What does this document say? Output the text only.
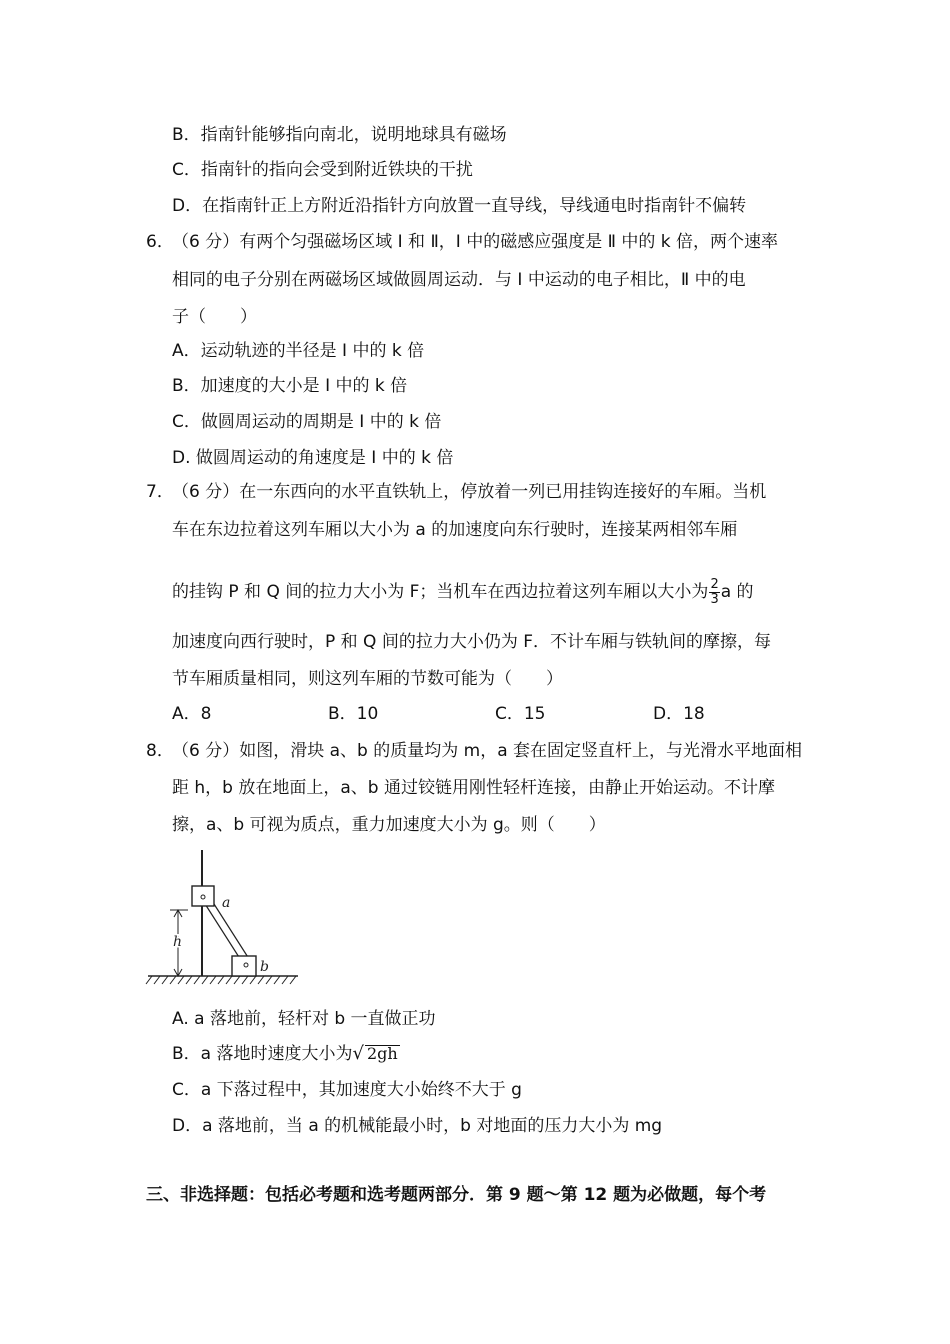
B．指南针能够指向南北，说明地球具有磁场
C．指南针的指向会受到附近铁块的干扰
D．在指南针正上方附近沿指针方向放置一直导线，导线通电时指南针不偏转
6．
（6 分）有两个匀强磁场区域 Ⅰ 和 Ⅱ，Ⅰ 中的磁感应强度是 Ⅱ 中的 k 倍，两个速率
相同的电子分别在两磁场区域做圆周运动．与 Ⅰ 中运动的电子相比，Ⅱ 中的电
子（　　）
A．运动轨迹的半径是 Ⅰ 中的 k 倍
B．加速度的大小是 Ⅰ 中的 k 倍
C．做圆周运动的周期是 Ⅰ 中的 k 倍
D. 做圆周运动的角速度是 Ⅰ 中的 k 倍
7．
（6 分）在一东西向的水平直铁轨上，停放着一列已用挂钩连接好的车厢。当机
车在东边拉着这列车厢以大小为 a 的加速度向东行驶时，连接某两相邻车厢
的挂钩 P 和 Q 间的拉力大小为 F；当机车在西边拉着这列车厢以大小为 $\frac{2}{3}$ a 的
加速度向西行驶时，P 和 Q 间的拉力大小仍为 F．不计车厢与铁轨间的摩擦，每
节车厢质量相同，则这列车厢的节数可能为（　　）
A．8	B．10	C．15	D．18
8．
（6 分）如图，滑块 a、b 的质量均为 m，a 套在固定竖直杆上，与光滑水平地面相
距 h，b 放在地面上，a、b 通过铰链用刚性轻杆连接，由静止开始运动。不计摩
擦，a、b 可视为质点，重力加速度大小为 g。则（　　）
a
b
h
A. a 落地前，轻杆对 b 一直做正功
B．a 落地时速度大小为√ 2gh
C．a 下落过程中，其加速度大小始终不大于 g
D．a 落地前，当 a 的机械能最小时，b 对地面的压力大小为 mg
三、非选择题：包括必考题和选考题两部分．第 9 题～第 12 题为必做题，每个考
